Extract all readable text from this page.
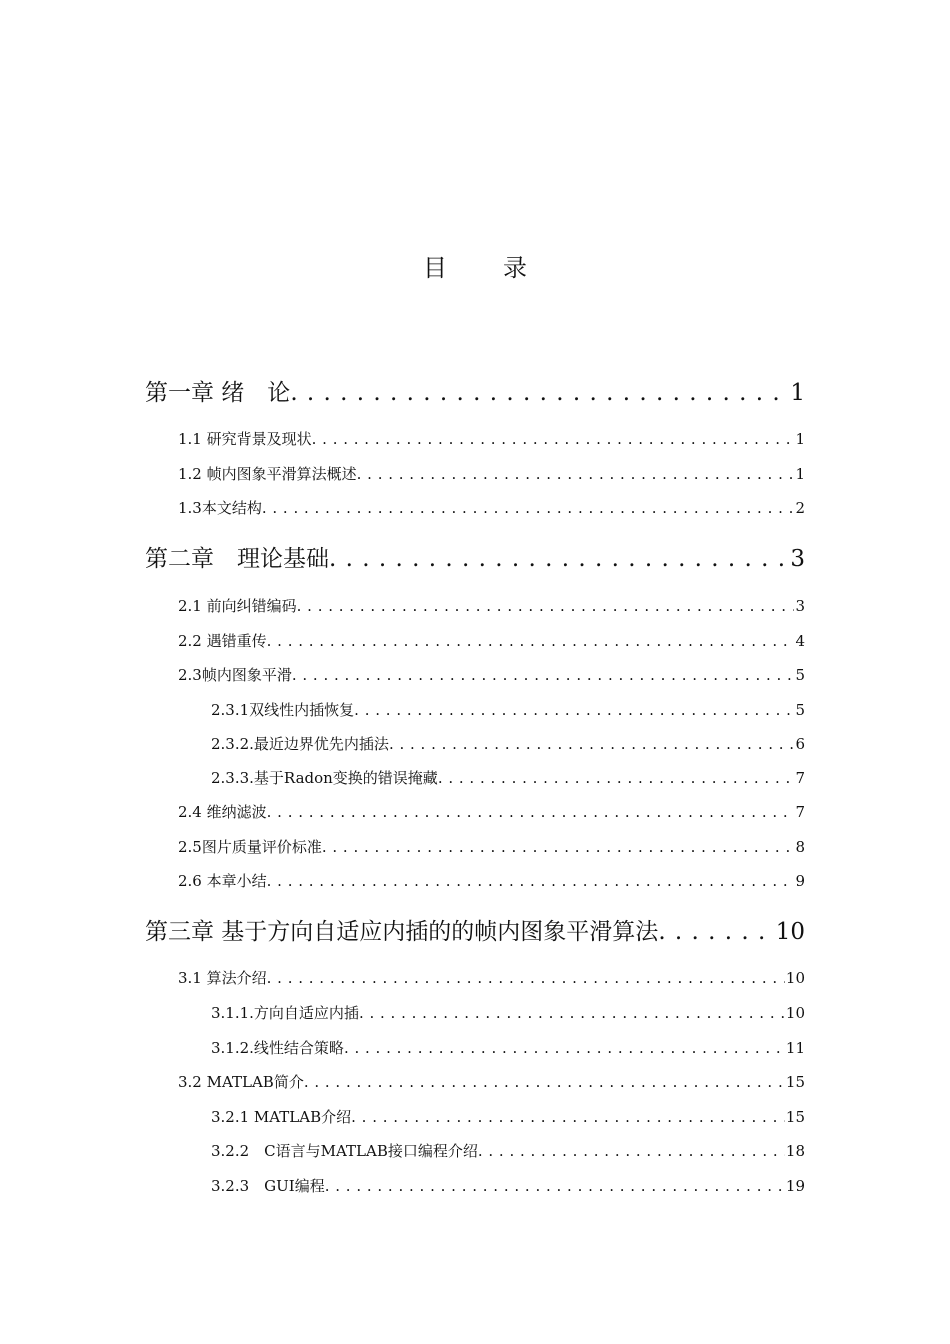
目 录
第一章 绪　论 . . .	1
1.1 研究背景及现状 . . .	1
1.2 帧内图象平滑算法概述 . . .	1
1.3本文结构 . . .	2
第二章　理论基础 . . .	3
2.1 前向纠错编码 . . .	3
2.2 遇错重传 . . .	4
2.3帧内图象平滑 . . .	5
2.3.1双线性内插恢复 . . .	5
2.3.2.最近边界优先内插法 . . .	6
2.3.3.基于Radon变换的错误掩藏 . . .	7
2.4 维纳滤波 . . .	7
2.5图片质量评价标准 . . .	8
2.6 本章小结 . . .	9
第三章 基于方向自适应内插的的帧内图象平滑算法 . . .	10
3.1 算法介绍 . . .	10
3.1.1.方向自适应内插 . . .	10
3.1.2.线性结合策略 . . .	11
3.2 MATLAB简介 . . .	15
3.2.1 MATLAB介绍 . . .	15
3.2.2　C语言与MATLAB接口编程介绍 . . .	18
3.2.3　GUI编程 . . .	19
